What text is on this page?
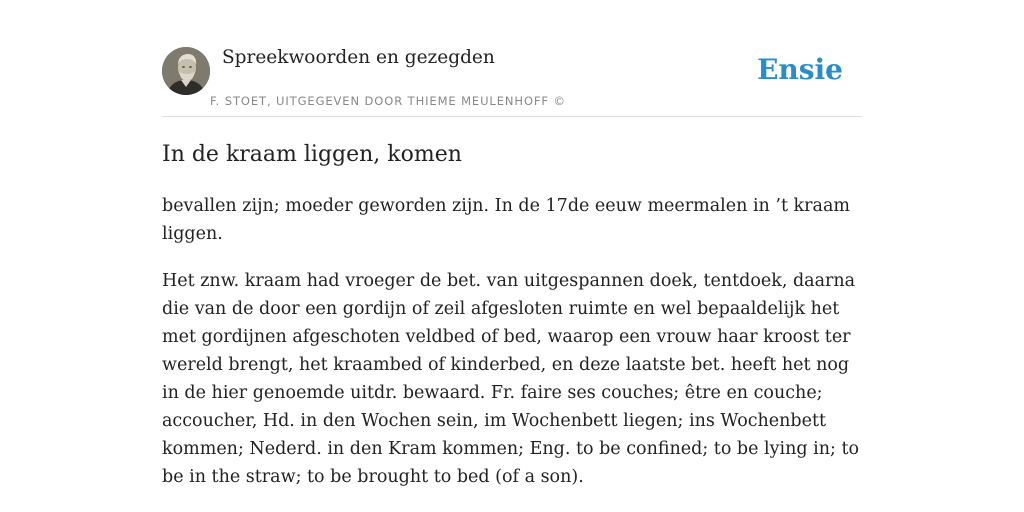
Spreekwoorden en gezegden
F. STOET, UITGEGEVEN DOOR THIEME MEULENHOFF ©
Ensie
In de kraam liggen, komen

bevallen zijn; moeder geworden zijn. In de 17de eeuw meermalen in ’t kraam liggen.

Het znw. kraam had vroeger de bet. van uitgespannen doek, tentdoek, daarna die van de door een gordijn of zeil afgesloten ruimte en wel bepaaldelijk het met gordijnen afgeschoten veldbed of bed, waarop een vrouw haar kroost ter wereld brengt, het kraambed of kinderbed, en deze laatste bet. heeft het nog in de hier genoemde uitdr. bewaard. Fr. faire ses couches; être en couche; accoucher, Hd. in den Wochen sein, im Wochenbett liegen; ins Wochenbett kommen; Nederd. in den Kram kommen; Eng. to be confined; to be lying in; to be in the straw; to be brought to bed (of a son).
